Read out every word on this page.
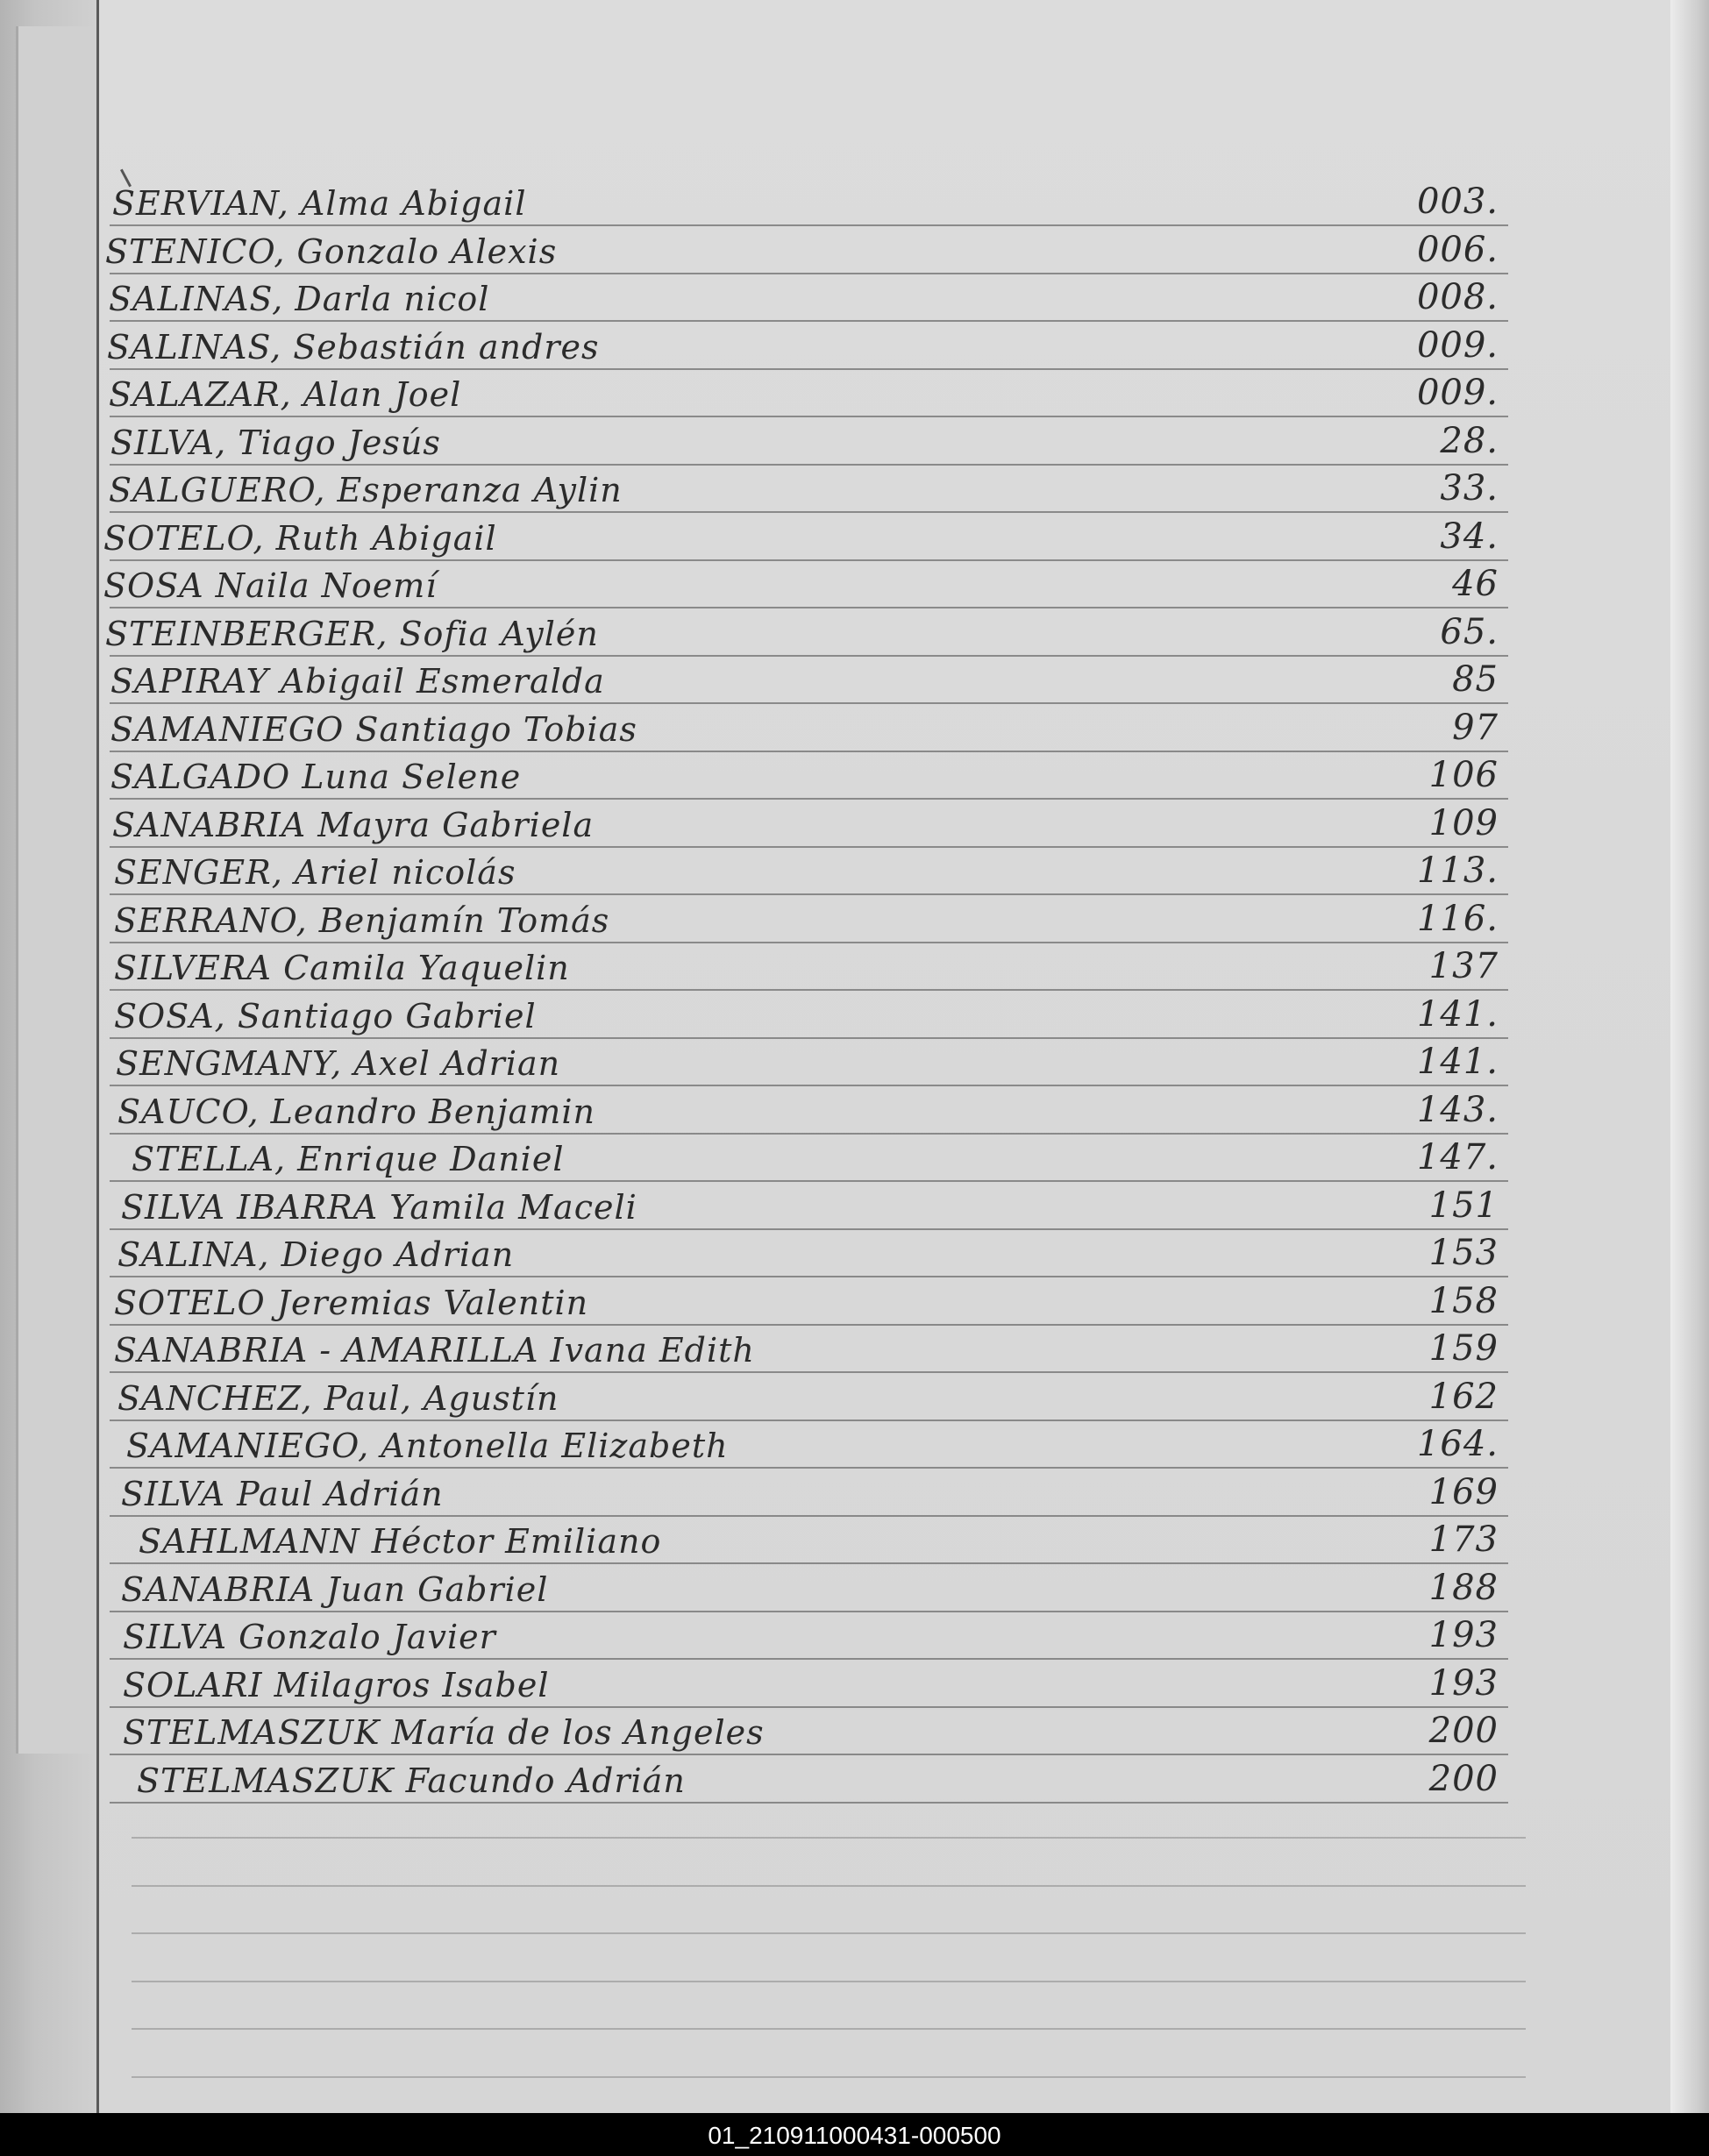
SERVIAN, Alma Abigail	003.
STENICO, Gonzalo Alexis	006.
SALINAS, Darla nicol	008.
SALINAS, Sebastián andres	009.
SALAZAR, Alan Joel	009.
SILVA, Tiago Jesús	28.
SALGUERO, Esperanza Aylin	33.
SOTELO, Ruth Abigail	34.
SOSA Naila Noemí	46
STEINBERGER, Sofia Aylén	65.
SAPIRAY Abigail Esmeralda	85
SAMANIEGO Santiago Tobias	97
SALGADO Luna Selene	106
SANABRIA Mayra Gabriela	109
SENGER, Ariel nicolás	113.
SERRANO, Benjamín Tomás	116.
SILVERA Camila Yaquelin	137
SOSA, Santiago Gabriel	141.
SENGMANY, Axel Adrian	141.
SAUCO, Leandro Benjamin	143.
STELLA, Enrique Daniel	147.
SILVA IBARRA Yamila Maceli	151
SALINA, Diego Adrian	153
SOTELO Jeremias Valentin	158
SANABRIA - AMARILLA Ivana Edith	159
SANCHEZ, Paul, Agustín	162
SAMANIEGO, Antonella Elizabeth	164.
SILVA Paul Adrián	169
SAHLMANN Héctor Emiliano	173
SANABRIA Juan Gabriel	188
SILVA Gonzalo Javier	193
SOLARI Milagros Isabel	193
STELMASZUK María de los Angeles	200
STELMASZUK Facundo Adrián	200
01_210911000431-000500
